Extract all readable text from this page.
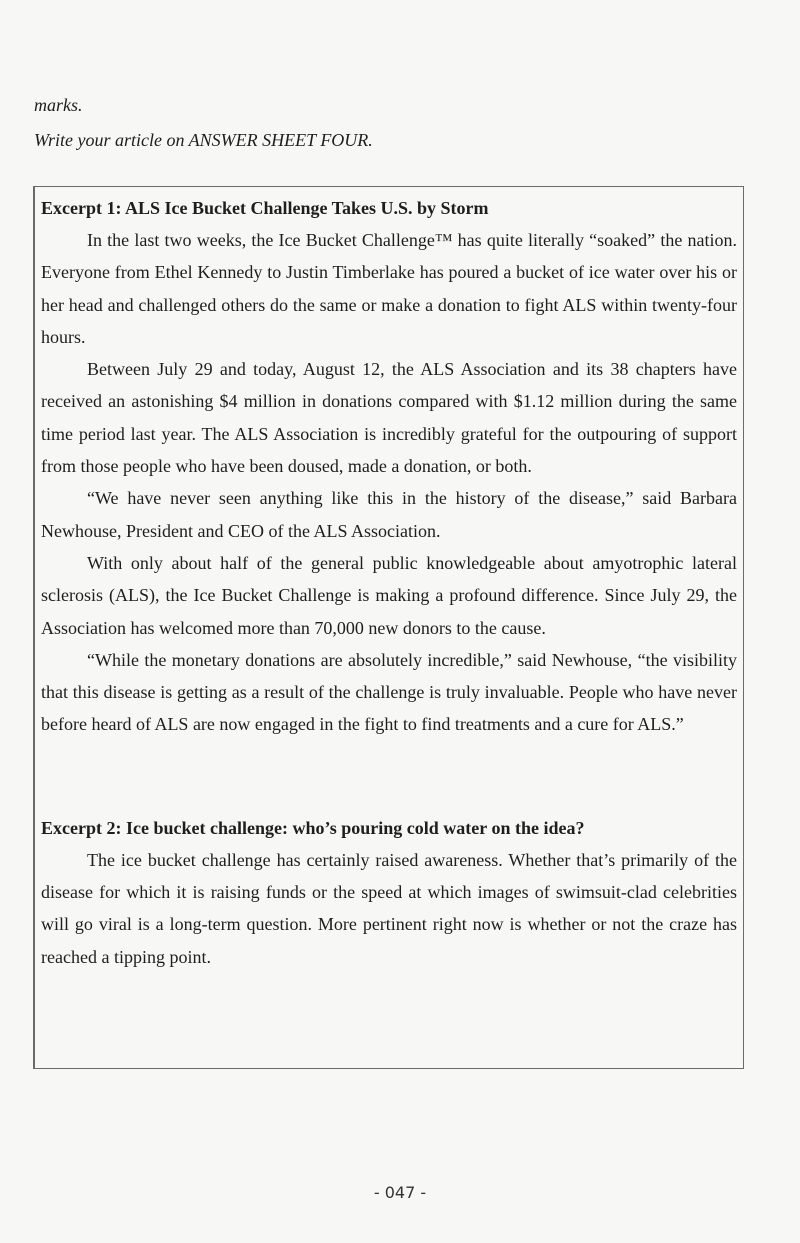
marks.

Write your article on ANSWER SHEET FOUR.

Excerpt 1: ALS Ice Bucket Challenge Takes U.S. by Storm

In the last two weeks, the Ice Bucket Challenge™ has quite literally “soaked” the nation. Everyone from Ethel Kennedy to Justin Timberlake has poured a bucket of ice water over his or her head and challenged others do the same or make a donation to fight ALS within twenty-four hours.

Between July 29 and today, August 12, the ALS Association and its 38 chapters have received an astonishing $4 million in donations compared with $1.12 million during the same time period last year. The ALS Association is incredibly grateful for the outpouring of support from those people who have been doused, made a donation, or both.

“We have never seen anything like this in the history of the disease,” said Barbara Newhouse, President and CEO of the ALS Association.

With only about half of the general public knowledgeable about amyotrophic lateral sclerosis (ALS), the Ice Bucket Challenge is making a profound difference. Since July 29, the Association has welcomed more than 70,000 new donors to the cause.

“While the monetary donations are absolutely incredible,” said Newhouse, “the visibility that this disease is getting as a result of the challenge is truly invaluable. People who have never before heard of ALS are now engaged in the fight to find treatments and a cure for ALS.”

Excerpt 2: Ice bucket challenge: who’s pouring cold water on the idea?

The ice bucket challenge has certainly raised awareness. Whether that’s primarily of the disease for which it is raising funds or the speed at which images of swimsuit-clad celebrities will go viral is a long-term question. More pertinent right now is whether or not the craze has reached a tipping point.

- 047 -
